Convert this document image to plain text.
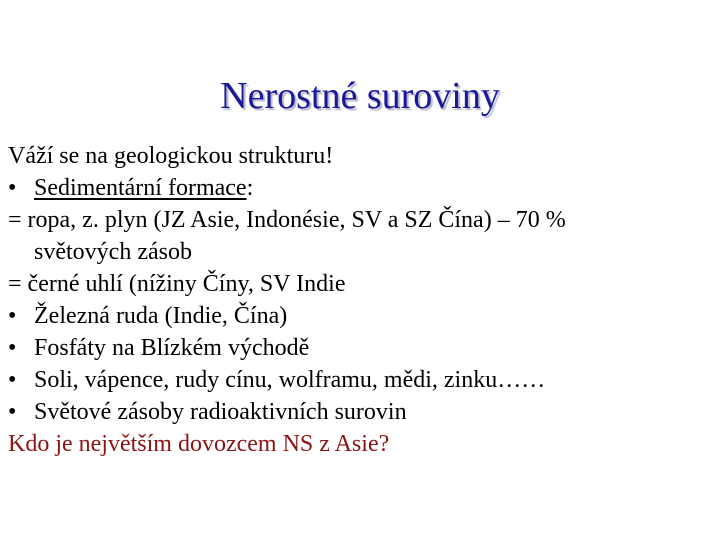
Nerostné suroviny
Váží se na geologickou strukturu!
• Sedimentární formace:
= ropa, z. plyn (JZ Asie, Indonésie, SV a SZ Čína) – 70 %
světových zásob
= černé uhlí (nížiny Číny, SV Indie
• Železná ruda (Indie, Čína)
• Fosfáty na Blízkém východě
• Soli, vápence, rudy cínu, wolframu, mědi, zinku……
• Světové zásoby radioaktivních surovin
Kdo je největším dovozcem NS z Asie?
